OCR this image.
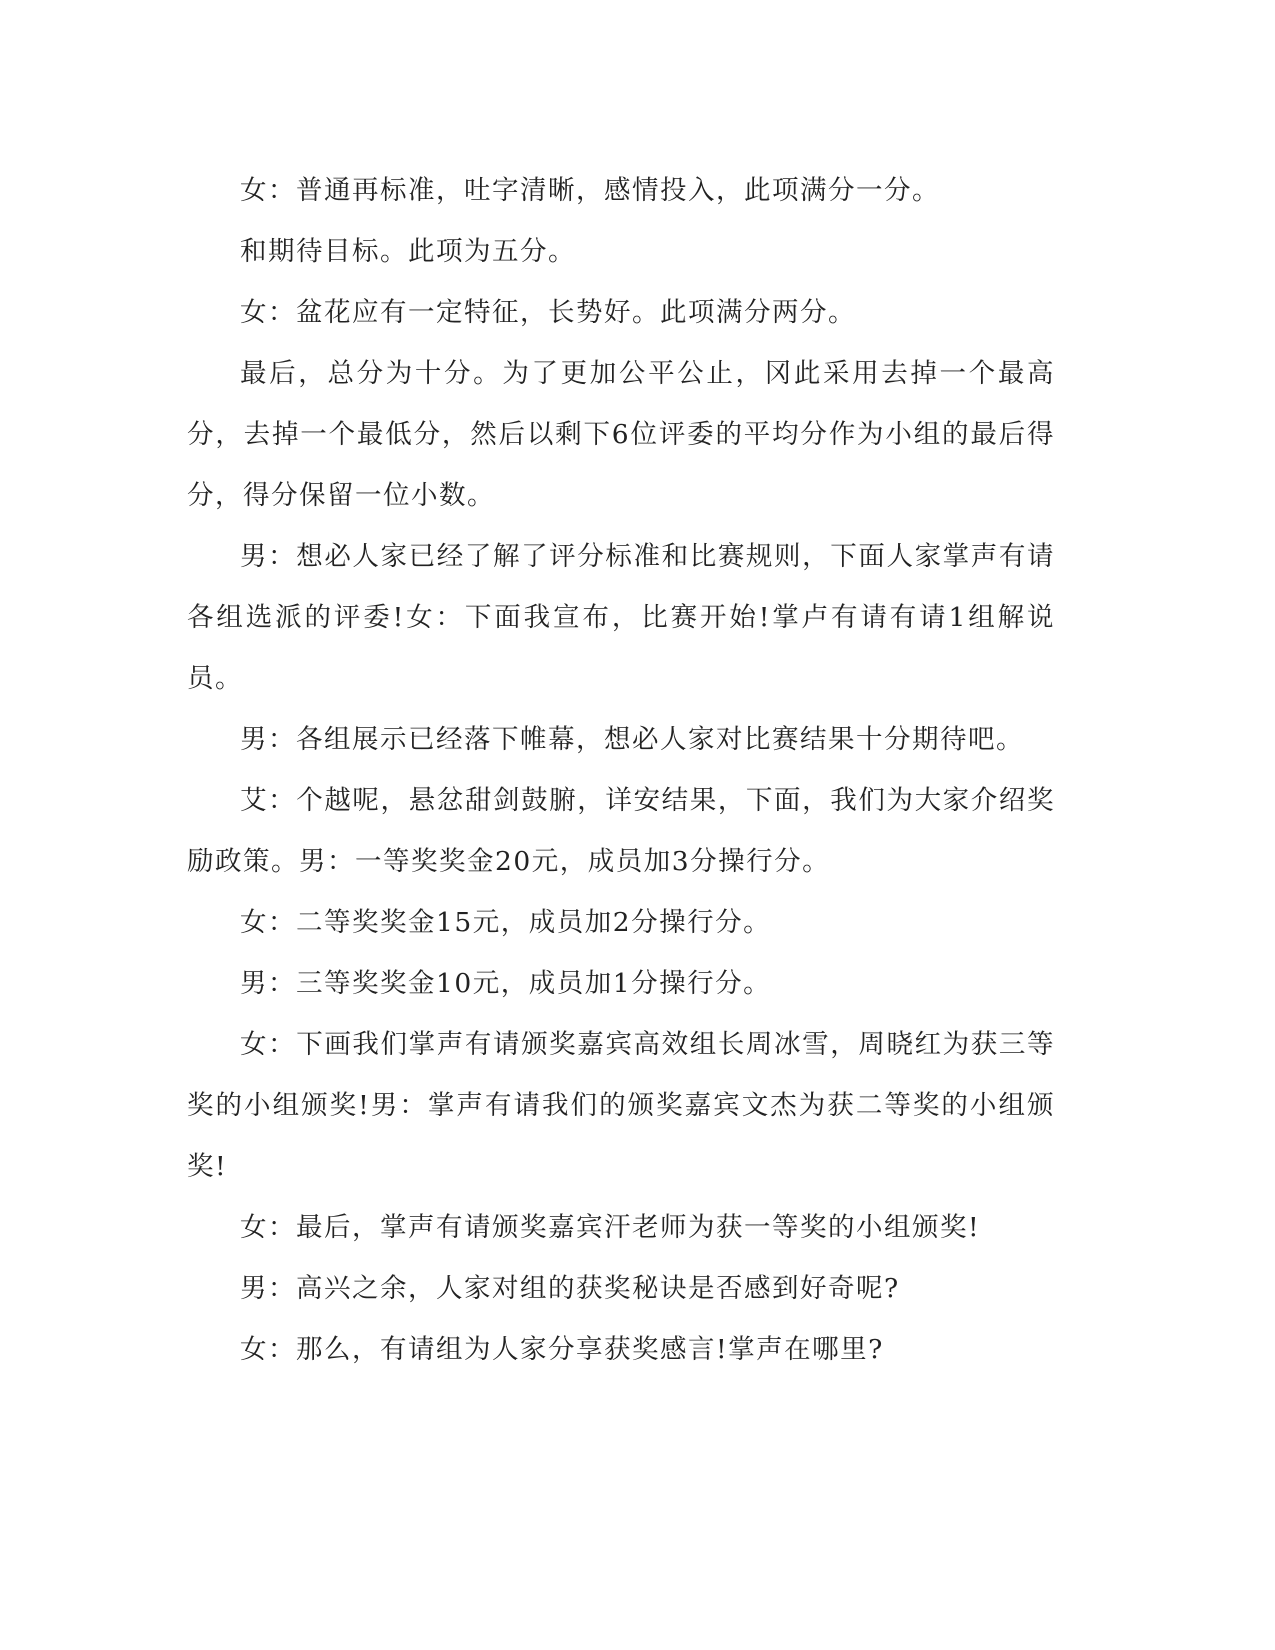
女：普通再标准，吐字清晰，感情投入，此项满分一分。

和期待目标。此项为五分。

女：盆花应有一定特征，长势好。此项满分两分。

最后，总分为十分。为了更加公平公止，冈此采用去掉一个最高分，去掉一个最低分，然后以剩下6位评委的平均分作为小组的最后得分，得分保留一位小数。

男：想必人家已经了解了评分标准和比赛规则，下面人家掌声有请各组选派的评委!女：下面我宣布，比赛开始!掌卢有请有请1组解说员。

男：各组展示已经落下帷幕，想必人家对比赛结果十分期待吧。

艾：个越呢，悬忿甜剑鼓腑，详安结果，下面，我们为大家介绍奖励政策。男：一等奖奖金20元，成员加3分操行分。

女：二等奖奖金15元，成员加2分操行分。

男：三等奖奖金10元，成员加1分操行分。

女：下画我们掌声有请颁奖嘉宾高效组长周冰雪，周晓红为获三等奖的小组颁奖!男：掌声有请我们的颁奖嘉宾文杰为获二等奖的小组颁奖!

女：最后，掌声有请颁奖嘉宾汗老师为获一等奖的小组颁奖!

男：高兴之余，人家对组的获奖秘诀是否感到好奇呢?

女：那么，有请组为人家分享获奖感言!掌声在哪里?
